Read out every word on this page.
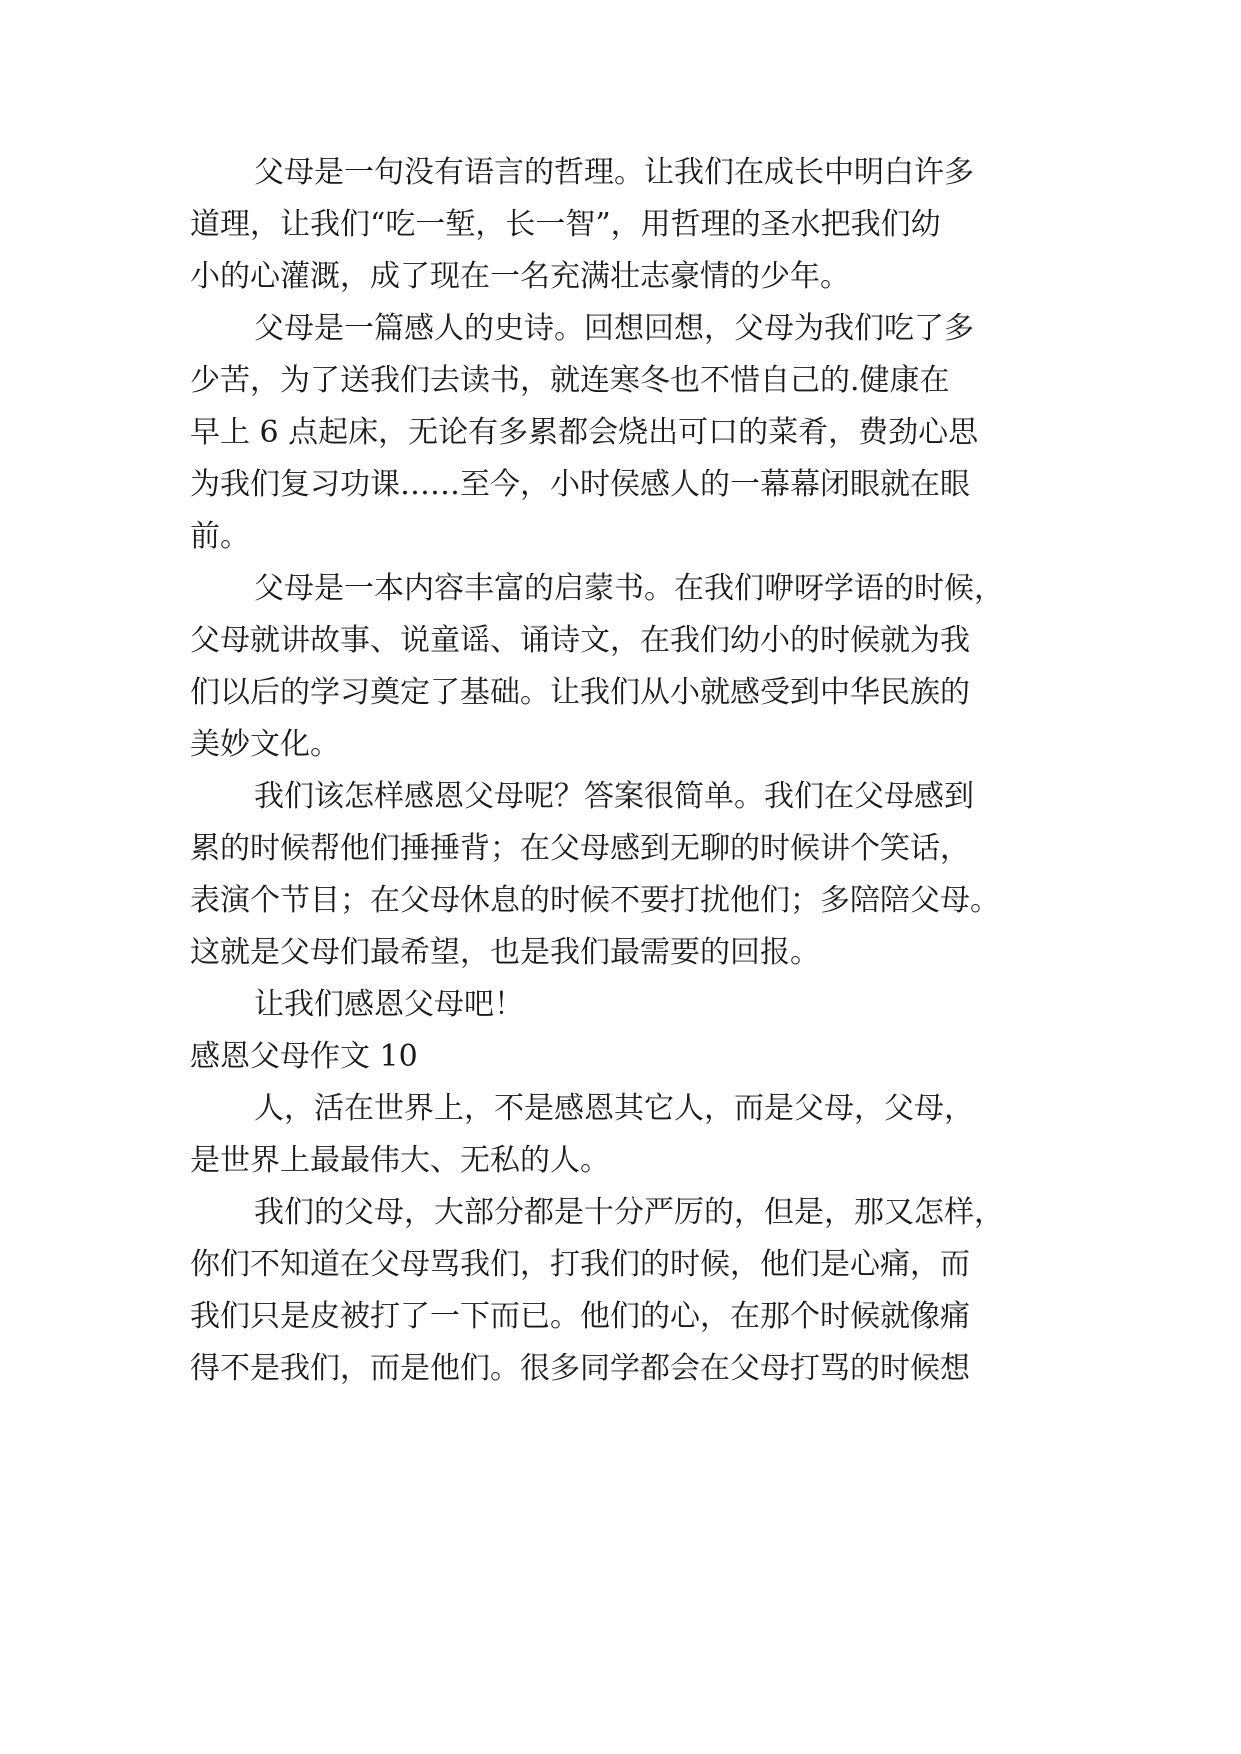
父母是一句没有语言的哲理。让我们在成长中明白许多
道理，让我们“吃一堑，长一智”，用哲理的圣水把我们幼
小的心灌溉，成了现在一名充满壮志豪情的少年。
父母是一篇感人的史诗。回想回想，父母为我们吃了多
少苦，为了送我们去读书，就连寒冬也不惜自己的.健康在
早上 6 点起床，无论有多累都会烧出可口的菜肴，费劲心思
为我们复习功课……至今，小时侯感人的一幕幕闭眼就在眼
前。
父母是一本内容丰富的启蒙书。在我们咿呀学语的时候，
父母就讲故事、说童谣、诵诗文，在我们幼小的时候就为我
们以后的学习奠定了基础。让我们从小就感受到中华民族的
美妙文化。
我们该怎样感恩父母呢？答案很简单。我们在父母感到
累的时候帮他们捶捶背；在父母感到无聊的时候讲个笑话，
表演个节目；在父母休息的时候不要打扰他们；多陪陪父母。
这就是父母们最希望，也是我们最需要的回报。
让我们感恩父母吧！
感恩父母作文 10
人，活在世界上，不是感恩其它人，而是父母，父母，
是世界上最最伟大、无私的人。
我们的父母，大部分都是十分严厉的，但是，那又怎样，
你们不知道在父母骂我们，打我们的时候，他们是心痛，而
我们只是皮被打了一下而已。他们的心，在那个时候就像痛
得不是我们，而是他们。很多同学都会在父母打骂的时候想
